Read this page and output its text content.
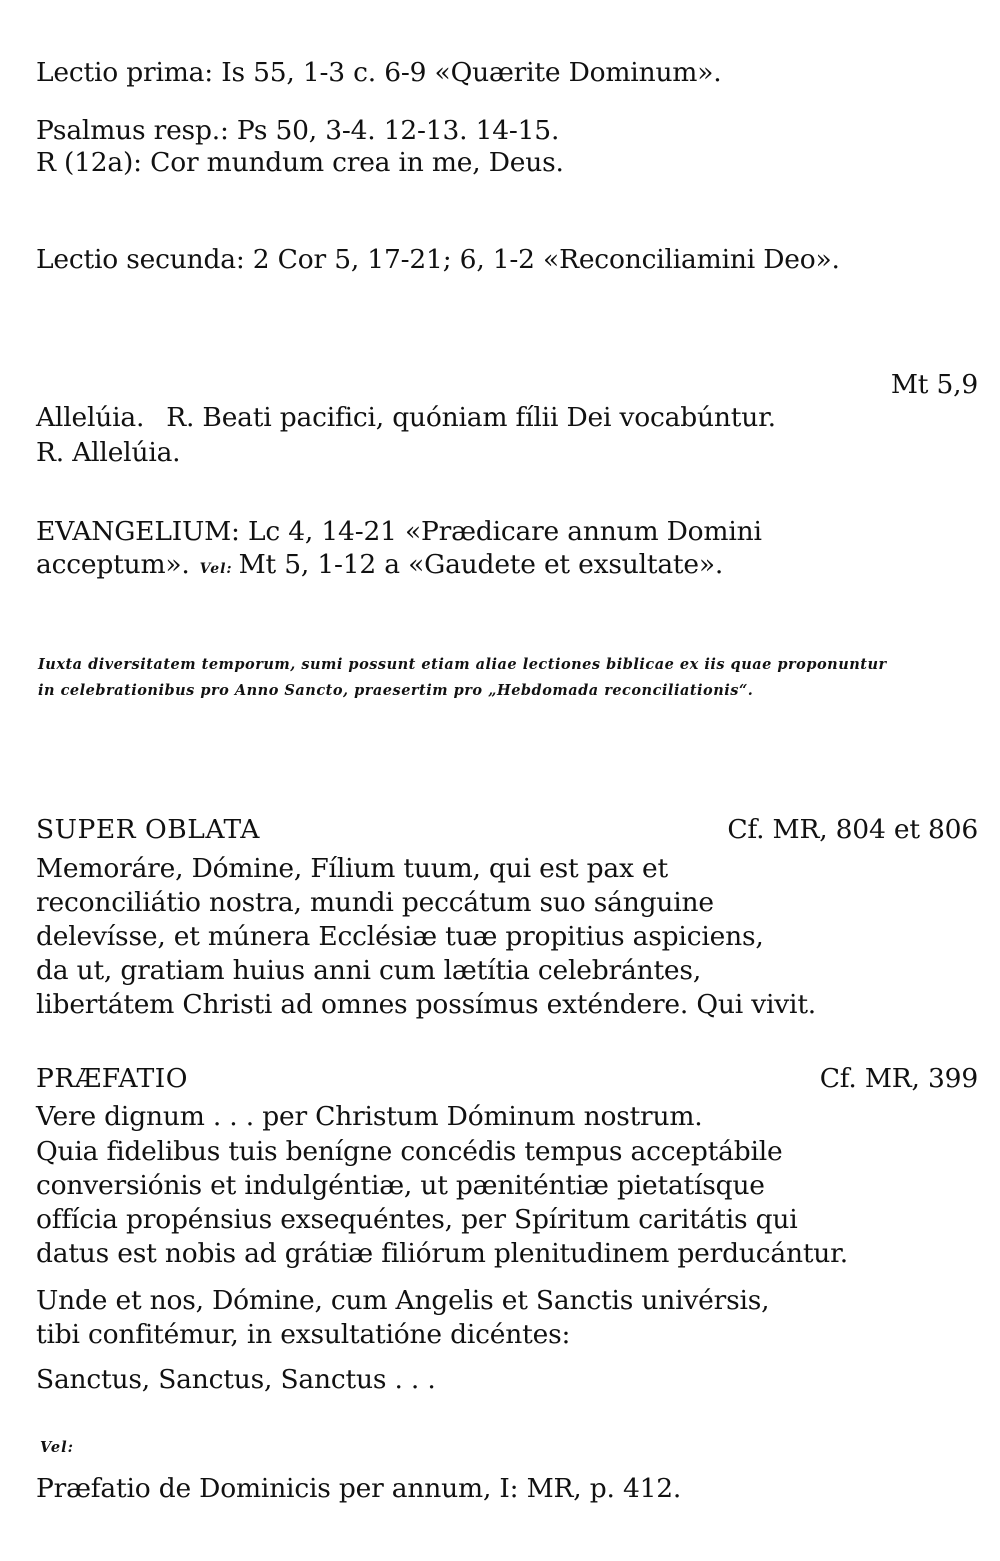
Lectio prima: Is 55, 1-3 c. 6-9 «Quærite Dominum».
Psalmus resp.: Ps 50, 3-4. 12-13. 14-15.
R (12a): Cor mundum crea in me, Deus.
Lectio secunda: 2 Cor 5, 17-21; 6, 1-2 «Reconciliamini Deo».
Mt 5,9
Allelúia. R. Beati pacifici, quóniam fílii Dei vocabúntur.
R. Allelúia.
EVANGELIUM: Lc 4, 14-21 «Prædicare annum Domini
acceptum». Vel: Mt 5, 1-12 a «Gaudete et exsultate».
Iuxta diversitatem temporum, sumi possunt etiam aliae lectiones biblicae ex iis quae proponuntur
in celebrationibus pro Anno Sancto, praesertim pro „Hebdomada reconciliationis“.
SUPER OBLATA	Cf. MR, 804 et 806
Memoráre, Dómine, Fílium tuum, qui est pax et
reconciliátio nostra, mundi peccátum suo sánguine
delevísse, et múnera Ecclésiæ tuæ propitius aspiciens,
da ut, gratiam huius anni cum lætítia celebrántes,
libertátem Christi ad omnes possímus exténdere. Qui vivit.
PRÆFATIO	Cf. MR, 399
Vere dignum . . . per Christum Dóminum nostrum.
Quia fidelibus tuis benígne concédis tempus acceptábile
conversiónis et indulgéntiæ, ut pæniténtiæ pietatísque
offícia propénsius exsequéntes, per Spíritum caritátis qui
datus est nobis ad grátiæ filiórum plenitudinem perducántur.
Unde et nos, Dómine, cum Angelis et Sanctis univérsis,
tibi confitémur, in exsultatióne dicéntes:
Sanctus, Sanctus, Sanctus . . .
Vel:
Præfatio de Dominicis per annum, I: MR, p. 412.
